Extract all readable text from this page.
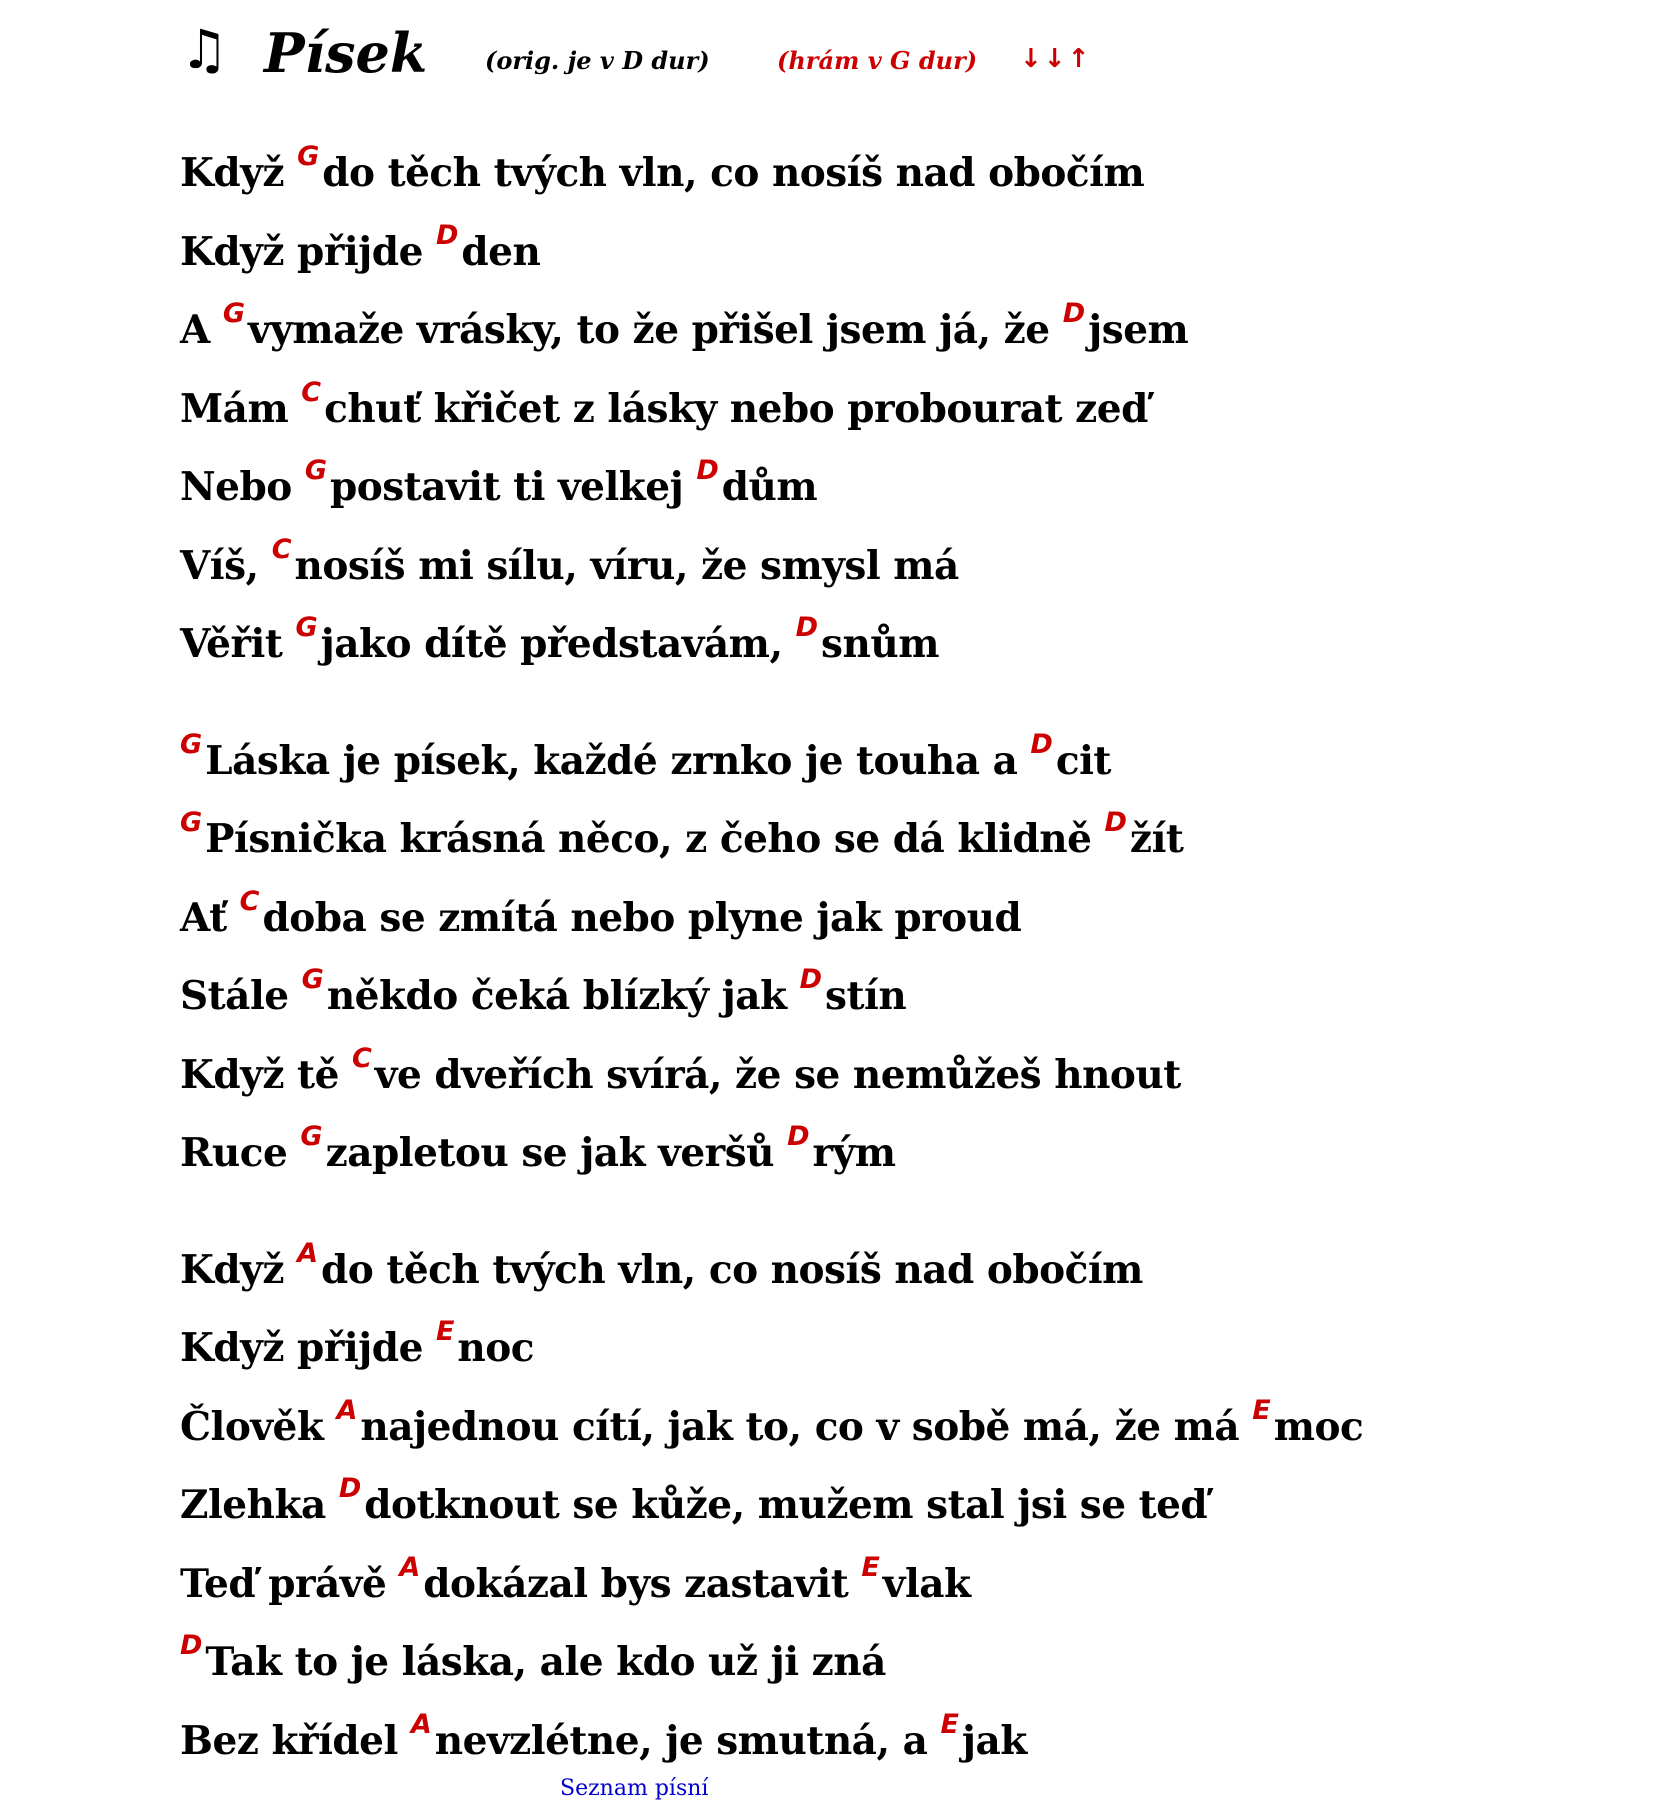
♫ Písek (orig. je v D dur)	(hrám v G dur) ↓↓↑
Když Gdo těch tvých vln, co nosíš nad obočím
Když přijde Dden
A Gvymaže vrásky, to že přišel jsem já, že Djsem
Mám Cchuť křičet z lásky nebo probourat zeď
Nebo Gpostavit ti velkej Ddům
Víš, Cnosíš mi sílu, víru, že smysl má
Věřit Gjako dítě představám, Dsnům
GLáska je písek, každé zrnko je touha a Dcit
GPísnička krásná něco, z čeho se dá klidně Džít
Ať Cdoba se zmítá nebo plyne jak proud
Stále Gněkdo čeká blízký jak Dstín
Když tě Cve dveřích svírá, že se nemůžeš hnout
Ruce Gzapletou se jak veršů Drým
Když Ado těch tvých vln, co nosíš nad obočím
Když přijde Enoc
Člověk Anajednou cítí, jak to, co v sobě má, že má Emoc
Zlehka Ddotknout se kůže, mužem stal jsi se teď
Teď právě Adokázal bys zastavit Evlak
DTak to je láska, ale kdo už ji zná
Bez křídel Anevzlétne, je smutná, a Ejak
Seznam písní
